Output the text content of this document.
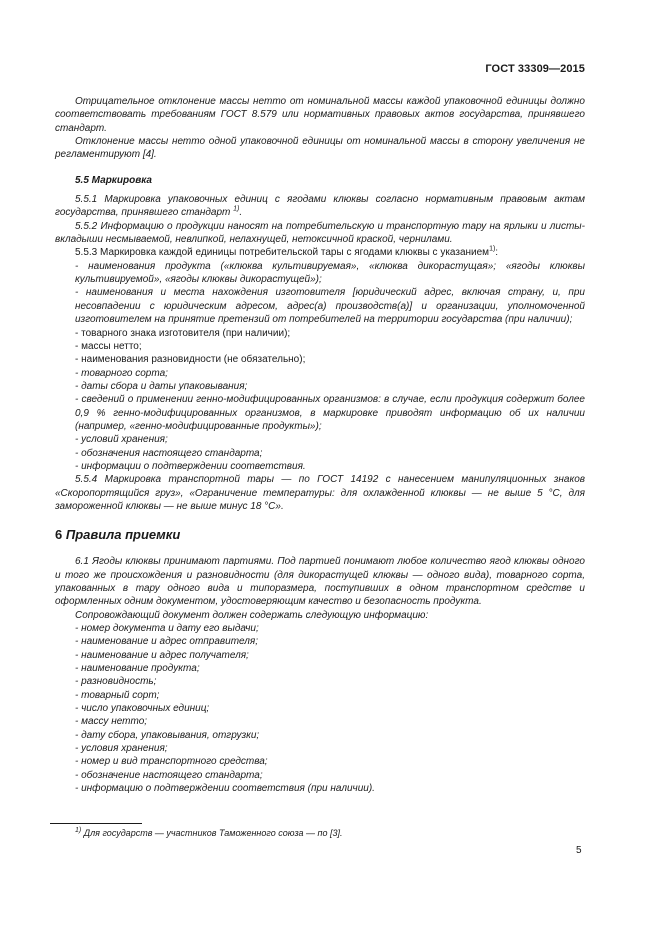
ГОСТ 33309—2015

Отрицательное отклонение массы нетто от номинальной массы каждой упаковочной единицы должно соответствовать требованиям ГОСТ 8.579 или нормативных правовых актов государства, принявшего стандарт.

Отклонение массы нетто одной упаковочной единицы от номинальной массы в сторону увеличения не регламентируют [4].

5.5 Маркировка

5.5.1 Маркировка упаковочных единиц с ягодами клюквы согласно нормативным правовым актам государства, принявшего стандарт $^{1)}$.

5.5.2 Информацию о продукции наносят на потребительскую и транспортную тару на ярлыки и листы-вкладыши несмываемой, невлипкой, нелахнущей, нетоксичной краской, чернилами.

5.5.3 Маркировка каждой единицы потребительской тары с ягодами клюквы с указанием$^{1)}$:

- наименования продукта («клюква культивируемая», «клюква дикорастущая»; «ягоды клюквы культивируемой», «ягоды клюквы дикорастущей»);

- наименования и места нахождения изготовителя [юридический адрес, включая страну, и, при несовпадении с юридическим адресом, адрес(а) производств(а)] и организации, уполномоченной изготовителем на принятие претензий от потребителей на территории государства (при наличии);

- товарного знака изготовителя (при наличии);

- массы нетто;

- наименования разновидности (не обязательно);

- товарного сорта;

- даты сбора и даты упаковывания;

- сведений о применении генно-модифицированных организмов: в случае, если продукция содержит более 0,9 % генно-модифицированных организмов, в маркировке приводят информацию об их наличии (например, «генно-модифицированные продукты»);

- условий хранения;

- обозначения настоящего стандарта;

- информации о подтверждении соответствия.

5.5.4 Маркировка транспортной тары — по ГОСТ 14192 с нанесением манипуляционных знаков «Скоропортящийся груз», «Ограничение температуры: для охлажденной клюквы — не выше 5 °С, для замороженной клюквы — не выше минус 18 °С».

6 Правила приемки

6.1 Ягоды клюквы принимают партиями. Под партией понимают любое количество ягод клюквы одного и того же происхождения и разновидности (для дикорастущей клюквы — одного вида), товарного сорта, упакованных в тару одного вида и типоразмера, поступивших в одном транспортном средстве и оформленных одним документом, удостоверяющим качество и безопасность продукта.

Сопровождающий документ должен содержать следующую информацию:

- номер документа и дату его выдачи;

- наименование и адрес отправителя;

- наименование и адрес получателя;

- наименование продукта;

- разновидность;

- товарный сорт;

- число упаковочных единиц;

- массу нетто;

- дату сбора, упаковывания, отгрузки;

- условия хранения;

- номер и вид транспортного средства;

- обозначение настоящего стандарта;

- информацию о подтверждении соответствия (при наличии).

$^{1)}$ Для государств — участников Таможенного союза — по [3].
5
